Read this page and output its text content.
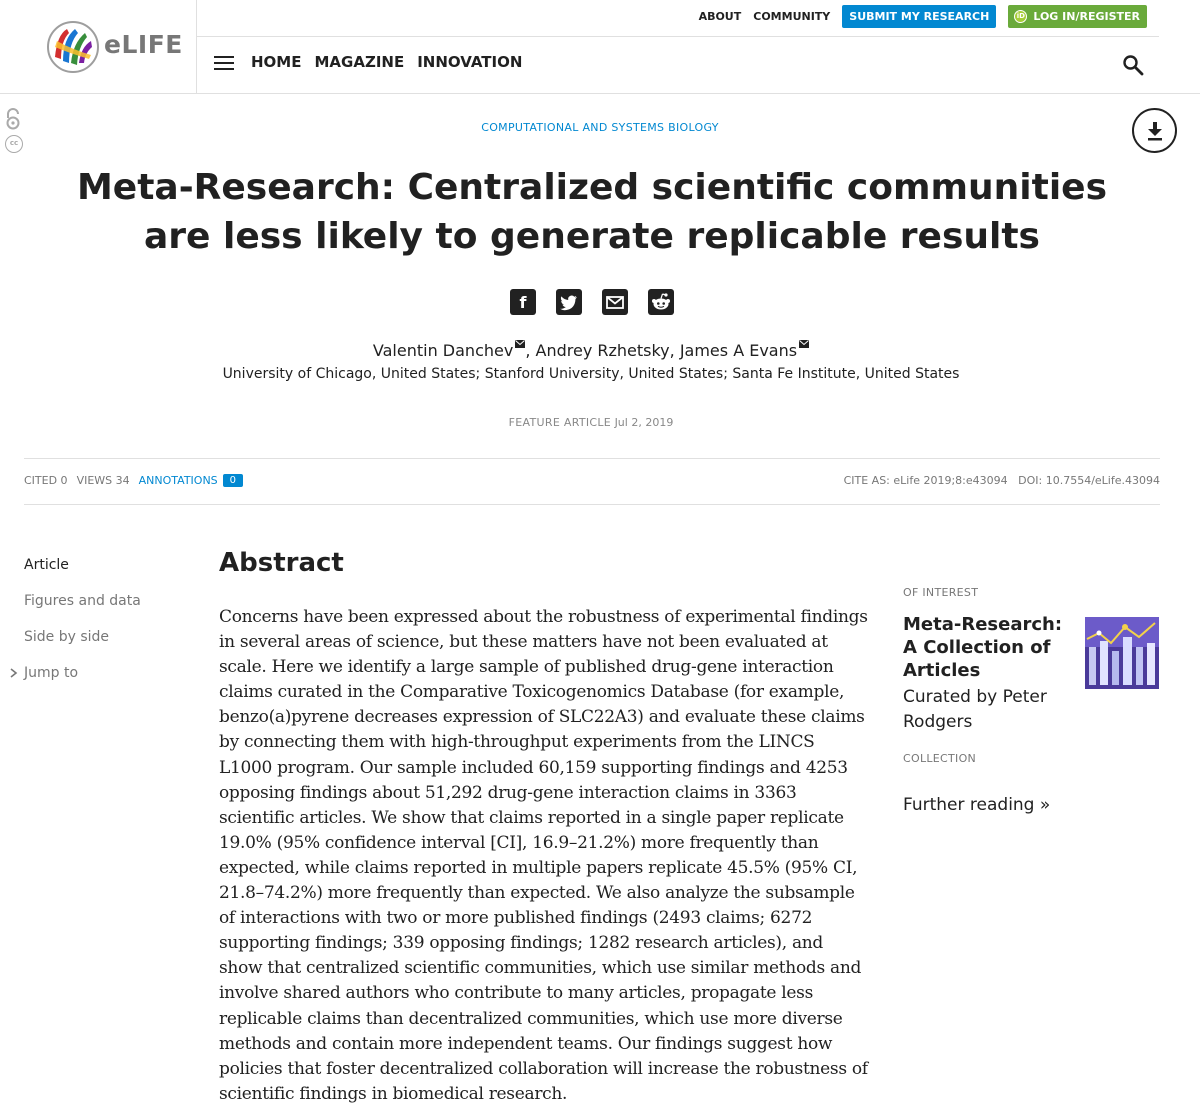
eLIFE
ABOUT COMMUNITY	SUBMIT MY RESEARCH	iD LOG IN/REGISTER
HOME MAGAZINE INNOVATION
cc
COMPUTATIONAL AND SYSTEMS BIOLOGY
Meta-Research: Centralized scientific communities are less likely to generate replicable results
f
Valentin Danchev , Andrey Rzhetsky, James A Evans
University of Chicago, United States; Stanford University, United States; Santa Fe Institute, United States
FEATURE ARTICLE Jul 2, 2019
CITED 0 VIEWS 34 ANNOTATIONS	0	CITE AS: eLife 2019;8:e43094 DOI: 10.7554/eLife.43094
Article
Figures and data
Side by side
Jump to
Abstract

Concerns have been expressed about the robustness of experimental findings in several areas of science, but these matters have not been evaluated at scale. Here we identify a large sample of published drug-gene interaction claims curated in the Comparative Toxicogenomics Database (for example, benzo(a)pyrene decreases expression of SLC22A3) and evaluate these claims by connecting them with high-throughput experiments from the LINCS L1000 program. Our sample included 60,159 supporting findings and 4253 opposing findings about 51,292 drug-gene interaction claims in 3363 scientific articles. We show that claims reported in a single paper replicate 19.0% (95% confidence interval [CI], 16.9–21.2%) more frequently than expected, while claims reported in multiple papers replicate 45.5% (95% CI, 21.8–74.2%) more frequently than expected. We also analyze the subsample of interactions with two or more published findings (2493 claims; 6272 supporting findings; 339 opposing findings; 1282 research articles), and show that centralized scientific communities, which use similar methods and involve shared authors who contribute to many articles, propagate less replicable claims than decentralized communities, which use more diverse methods and contain more independent teams. Our findings suggest how policies that foster decentralized collaboration will increase the robustness of scientific findings in biomedical research.

OF INTEREST
Meta-Research: A Collection of Articles
Curated by Peter Rodgers
COLLECTION
Further reading »
